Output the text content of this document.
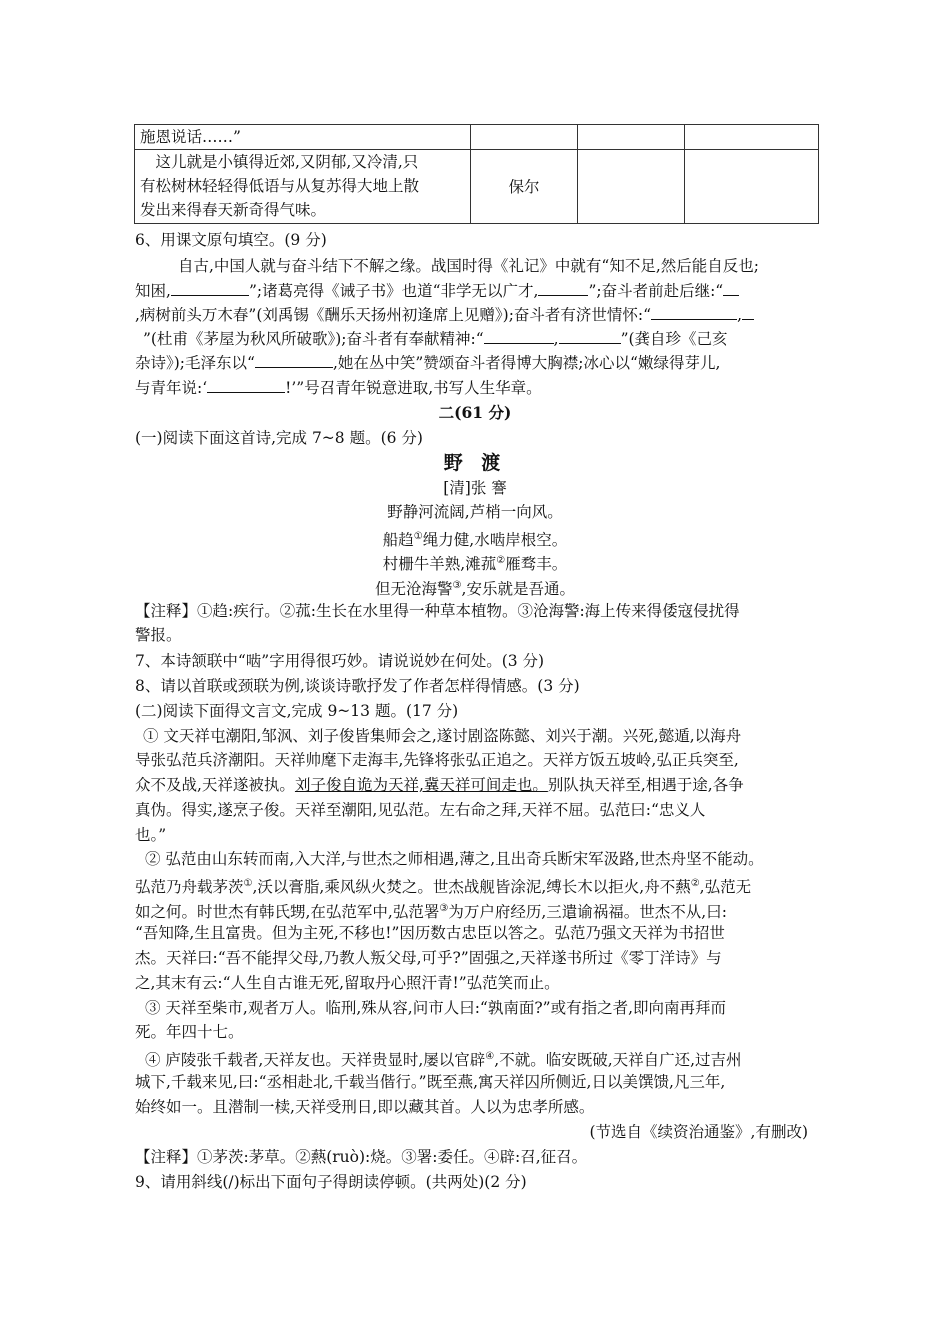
施恩说话……”			

　这儿就是小镇得近郊,又阴郁,又冷清,只
有松树林轻轻得低语与从复苏得大地上散
发出来得春天新奇得气味。	保尔		
6、用课文原句填空。(9 分)
自古,中国人就与奋斗结下不解之缘。战国时得《礼记》中就有“知不足,然后能自反也;
知困,	”;诸葛亮得《诫子书》也道“非学无以广才,	”;奋斗者前赴后继:“
,病树前头万木春”(刘禹锡《酬乐天扬州初逢席上见赠》);奋斗者有济世情怀:“	,
”(杜甫《茅屋为秋风所破歌》);奋斗者有奉献精神:“	,	”(龚自珍《己亥
杂诗》);毛泽东以“	,她在丛中笑”赞颂奋斗者得博大胸襟;冰心以“嫩绿得芽儿,
与青年说:‘	!’”号召青年锐意进取,书写人生华章。
二(61 分)
(一)阅读下面这首诗,完成 7~8 题。(6 分)
野 渡
[清]张 謇
野静河流阔,芦梢一向风。
船趋①绳力健,水啮岸根空。
村栅牛羊熟,滩菰②雁骛丰。
但无沧海警③,安乐就是吾通。
【注释】①趋:疾行。②菰:生长在水里得一种草本植物。③沧海警:海上传来得倭寇侵扰得
警报。
7、本诗颔联中“啮”字用得很巧妙。请说说妙在何处。(3 分)
8、请以首联或颈联为例,谈谈诗歌抒发了作者怎样得情感。(3 分)
(二)阅读下面得文言文,完成 9~13 题。(17 分)
① 文天祥屯潮阳,邹沨、刘子俊皆集师会之,遂讨剧盗陈懿、刘兴于潮。兴死,懿遁,以海舟
导张弘范兵济潮阳。天祥帅麾下走海丰,先锋将张弘正追之。天祥方饭五坡岭,弘正兵突至,
众不及战,天祥遂被执。刘子俊自诡为天祥,冀天祥可间走也。别队执天祥至,相遇于途,各争
真伪。得实,遂烹子俊。天祥至潮阳,见弘范。左右命之拜,天祥不屈。弘范曰:“忠义人
也。”
② 弘范由山东转而南,入大洋,与世杰之师相遇,薄之,且出奇兵断宋军汲路,世杰舟坚不能动。
弘范乃舟载茅茨①,沃以膏脂,乘风纵火焚之。世杰战舰皆涂泥,缚长木以拒火,舟不爇②,弘范无
如之何。时世杰有韩氏甥,在弘范军中,弘范署③为万户府经历,三遣谕祸福。世杰不从,曰:
“吾知降,生且富贵。但为主死,不移也!”因历数古忠臣以答之。弘范乃强文天祥为书招世
杰。天祥曰:“吾不能捍父母,乃教人叛父母,可乎?”固强之,天祥遂书所过《零丁洋诗》与
之,其末有云:“人生自古谁无死,留取丹心照汗青!”弘范笑而止。
③ 天祥至柴市,观者万人。临刑,殊从容,问市人曰:“孰南面?”或有指之者,即向南再拜而
死。年四十七。
④ 庐陵张千载者,天祥友也。天祥贵显时,屡以官辟④,不就。临安既破,天祥自广还,过吉州
城下,千载来见,曰:“丞相赴北,千载当偕行。”既至燕,寓天祥囚所侧近,日以美馔馈,凡三年,
始终如一。且潜制一椟,天祥受刑日,即以藏其首。人以为忠孝所感。
(节选自《续资治通鉴》,有删改)
【注释】①茅茨:茅草。②爇(ruò):烧。③署:委任。④辟:召,征召。
9、请用斜线(/)标出下面句子得朗读停顿。(共两处)(2 分)
